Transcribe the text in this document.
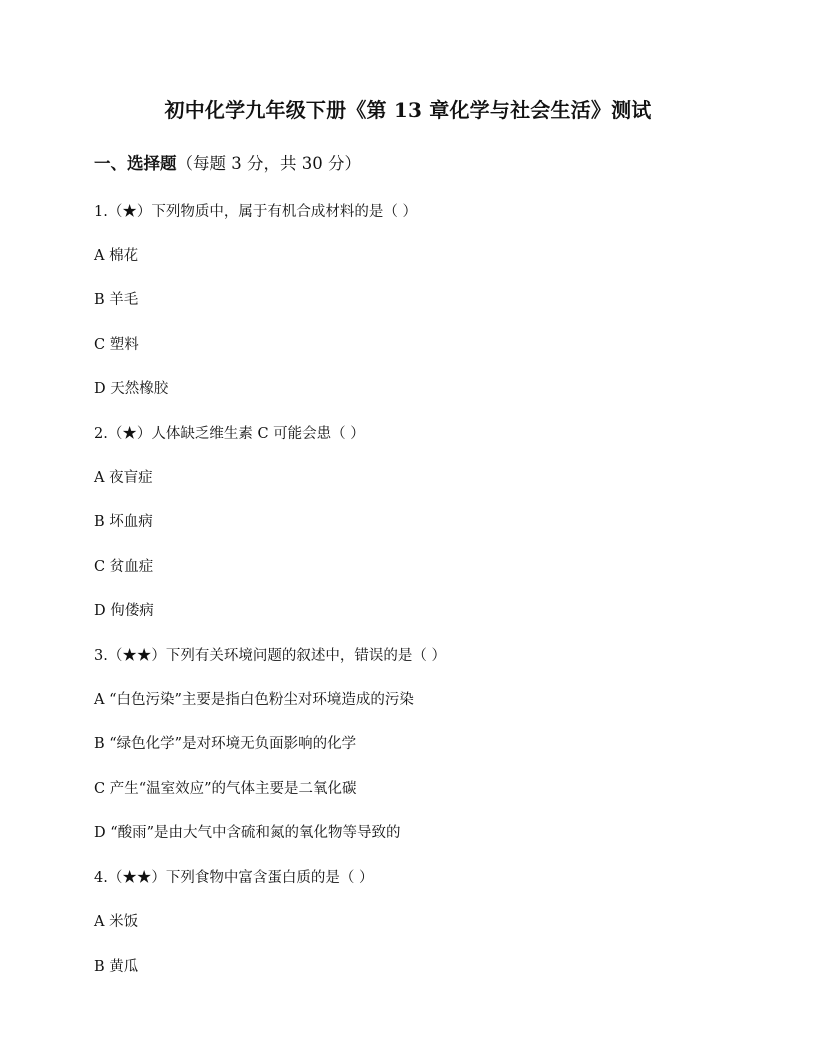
初中化学九年级下册《第 13 章化学与社会生活》测试
一、选择题（每题 3 分，共 30 分）
1.（★）下列物质中，属于有机合成材料的是（ ）
A 棉花
B 羊毛
C 塑料
D 天然橡胶
2.（★）人体缺乏维生素 C 可能会患（ ）
A 夜盲症
B 坏血病
C 贫血症
D 佝偻病
3.（★★）下列有关环境问题的叙述中，错误的是（ ）
A “白色污染”主要是指白色粉尘对环境造成的污染
B “绿色化学”是对环境无负面影响的化学
C 产生“温室效应”的气体主要是二氧化碳
D “酸雨”是由大气中含硫和氮的氧化物等导致的
4.（★★）下列食物中富含蛋白质的是（ ）
A 米饭
B 黄瓜
